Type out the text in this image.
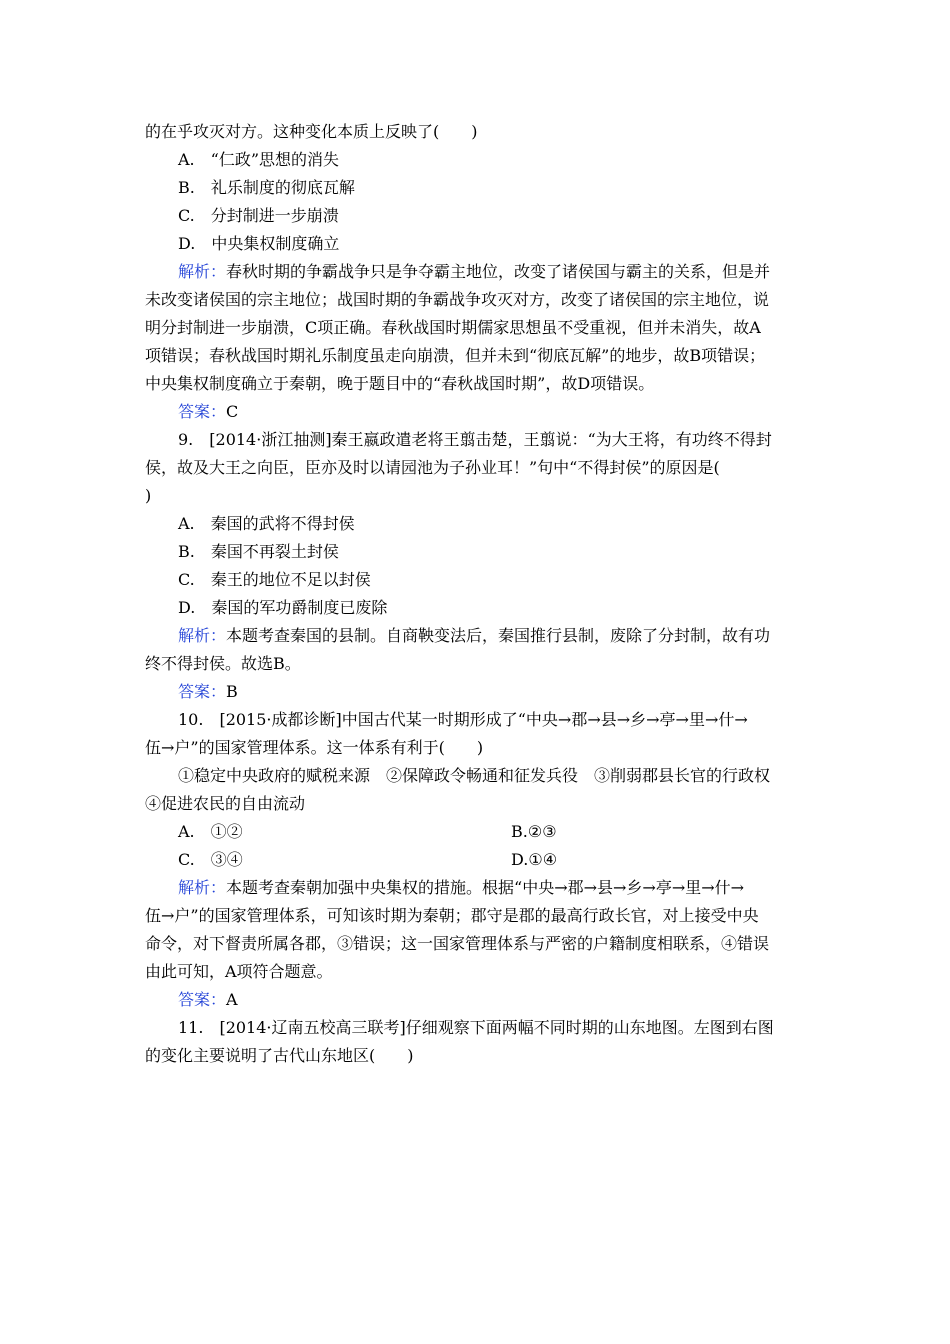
的在乎攻灭对方。这种变化本质上反映了(　　)
A.　“仁政”思想的消失
B.　礼乐制度的彻底瓦解
C.　分封制进一步崩溃
D.　中央集权制度确立
解析：春秋时期的争霸战争只是争夺霸主地位，改变了诸侯国与霸主的关系，但是并
未改变诸侯国的宗主地位；战国时期的争霸战争攻灭对方，改变了诸侯国的宗主地位，说
明分封制进一步崩溃，C项正确。春秋战国时期儒家思想虽不受重视，但并未消失，故A
项错误；春秋战国时期礼乐制度虽走向崩溃，但并未到“彻底瓦解”的地步，故B项错误；
中央集权制度确立于秦朝，晚于题目中的“春秋战国时期”，故D项错误。
答案：C
9.　[2014·浙江抽测]秦王嬴政遣老将王翦击楚，王翦说：“为大王将，有功终不得封
侯，故及大王之向臣，臣亦及时以请园池为子孙业耳！”句中“不得封侯”的原因是(
)
A.　秦国的武将不得封侯
B.　秦国不再裂土封侯
C.　秦王的地位不足以封侯
D.　秦国的军功爵制度已废除
解析：本题考查秦国的县制。自商鞅变法后，秦国推行县制，废除了分封制，故有功
终不得封侯。故选B。
答案：B
10.　[2015·成都诊断]中国古代某一时期形成了“中央→郡→县→乡→亭→里→什→
伍→户”的国家管理体系。这一体系有利于(　　)
①稳定中央政府的赋税来源　②保障政令畅通和征发兵役　③削弱郡县长官的行政权
④促进农民的自由流动
A.　①②	B.②③
C.　③④	D.①④
解析：本题考查秦朝加强中央集权的措施。根据“中央→郡→县→乡→亭→里→什→
伍→户”的国家管理体系，可知该时期为秦朝；郡守是郡的最高行政长官，对上接受中央
命令，对下督责所属各郡，③错误；这一国家管理体系与严密的户籍制度相联系，④错误
由此可知，A项符合题意。
答案：A
11.　[2014·辽南五校高三联考]仔细观察下面两幅不同时期的山东地图。左图到右图
的变化主要说明了古代山东地区(　　)
